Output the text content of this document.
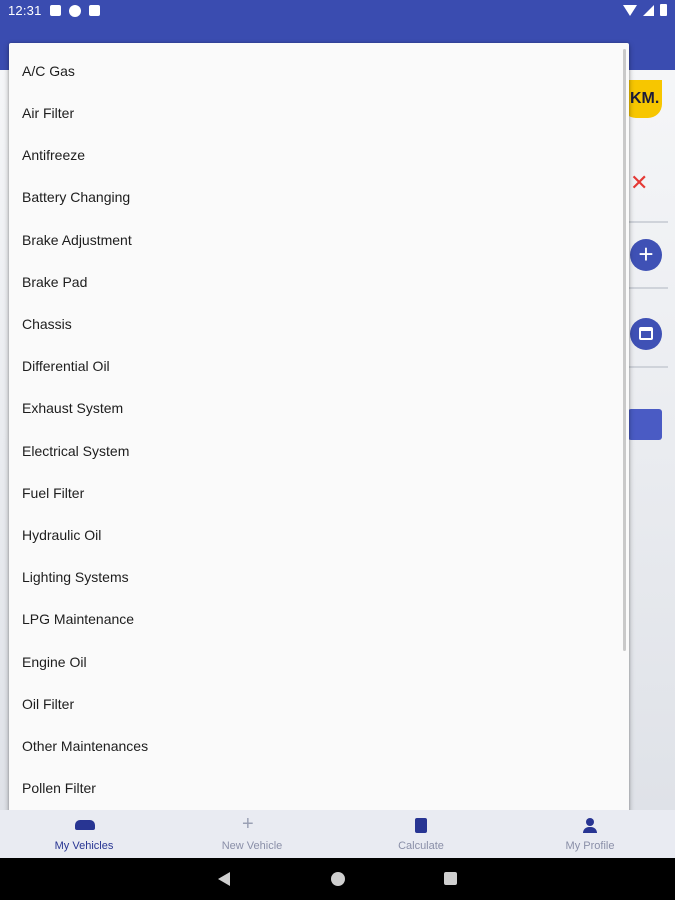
12:31
KM.
✕
+
A/C Gas
Air Filter
Antifreeze
Battery Changing
Brake Adjustment
Brake Pad
Chassis
Differential Oil
Exhaust System
Electrical System
Fuel Filter
Hydraulic Oil
Lighting Systems
LPG Maintenance
Engine Oil
Oil Filter
Other Maintenances
Pollen Filter
My Vehicles
+
New Vehicle	Calculate	My Profile
